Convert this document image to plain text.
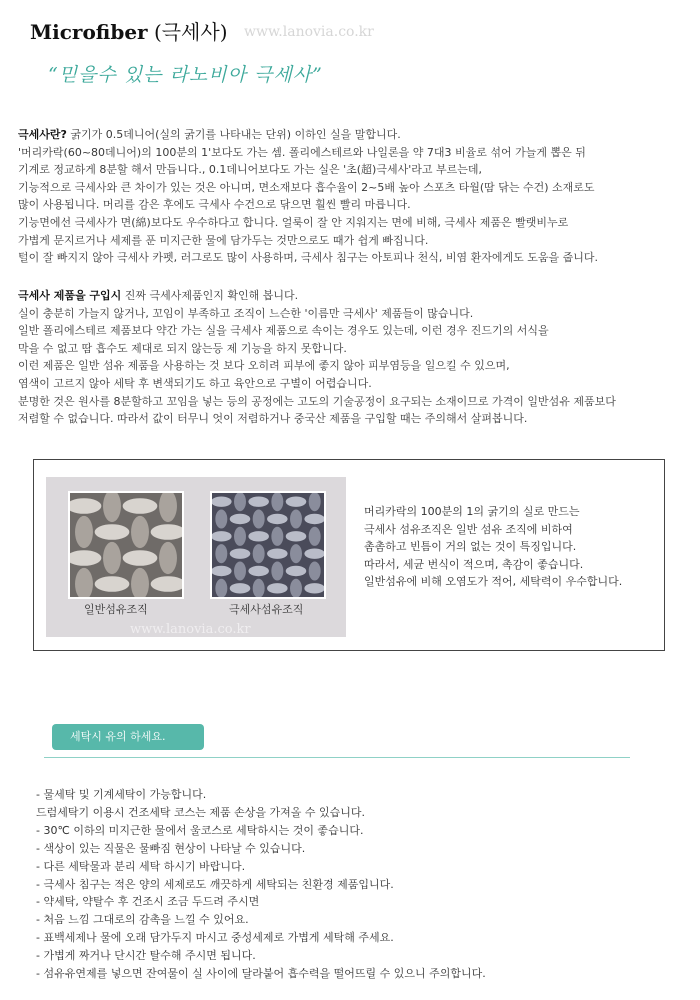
Microfiber (극세사) www.lanovia.co.kr
“믿을수 있는 라노비아 극세사”

극세사란? 굵기가 0.5데니어(실의 굵기를 나타내는 단위) 이하인 실을 말합니다.

'머리카락(60~80데니어)의 100분의 1'보다도 가는 셈. 폴리에스테르와 나일론을 약 7대3 비율로 섞어 가늘게 뽑은 뒤

기계로 정교하게 8분할 해서 만듭니다., 0.1데니어보다도 가는 실은 '초(超)극세사'라고 부르는데,

기능적으로 극세사와 큰 차이가 있는 것은 아니며, 면소재보다 흡수율이 2~5배 높아 스포츠 타월(땀 닦는 수건) 소재로도

많이 사용됩니다. 머리를 감은 후에도 극세사 수건으로 닦으면 훨씬 빨리 마릅니다.

기능면에선 극세사가 면(綿)보다도 우수하다고 합니다. 얼룩이 잘 안 지워지는 면에 비해, 극세사 제품은 빨랫비누로

가볍게 문지르거나 세제를 푼 미지근한 물에 담가두는 것만으로도 때가 쉽게 빠집니다.

털이 잘 빠지지 않아 극세사 카펫, 러그로도 많이 사용하며, 극세사 침구는 아토피나 천식, 비염 환자에게도 도움을 줍니다.

극세사 제품을 구입시 진짜 극세사제품인지 확인해 봅니다.

실이 충분히 가늘지 않거나, 꼬임이 부족하고 조직이 느슨한 '이름만 극세사' 제품들이 많습니다.

일반 폴리에스테르 제품보다 약간 가는 실을 극세사 제품으로 속이는 경우도 있는데, 이런 경우 진드기의 서식을

막을 수 없고 땀 흡수도 제대로 되지 않는등 제 기능을 하지 못합니다.

이런 제품은 일반 섬유 제품을 사용하는 것 보다 오히려 피부에 좋지 않아 피부염등을 일으킬 수 있으며,

염색이 고르지 않아 세탁 후 변색되기도 하고 육안으로 구별이 어렵습니다.

분명한 것은 원사를 8분할하고 꼬임을 넣는 등의 공정에는 고도의 기술공정이 요구되는 소재이므로 가격이 일반섬유 제품보다

저렴할 수 없습니다. 따라서 값이 터무니 엇이 저렴하거나 중국산 제품을 구입할 때는 주의해서 살펴봅니다.

일반섬유조직	극세사섬유조직
www.lanovia.co.kr

머리카락의 100분의 1의 굵기의 실로 만드는

극세사 섬유조직은 일반 섬유 조직에 비하여

촘촘하고 빈틈이 거의 없는 것이 특징입니다.

따라서, 세균 번식이 적으며, 촉감이 좋습니다.

일반섬유에 비해 오염도가 적어, 세탁력이 우수합니다.

세탁시 유의 하세요.

- 물세탁 및 기계세탁이 가능합니다.

드럼세탁기 이용시 건조세탁 코스는 제품 손상을 가져올 수 있습니다.

- 30℃ 이하의 미지근한 물에서 울코스로 세탁하시는 것이 좋습니다.

- 색상이 있는 직물은 물빠짐 현상이 나타날 수 있습니다.

- 다른 세탁물과 분리 세탁 하시기 바랍니다.

- 극세사 침구는 적은 양의 세제로도 깨끗하게 세탁되는 친환경 제품입니다.

- 약세탁, 약탈수 후 건조시 조금 두드려 주시면

- 처음 느낌 그대로의 감촉을 느낄 수 있어요.

- 표백세제나 물에 오래 담가두지 마시고 중성세제로 가볍게 세탁해 주세요.

- 가볍게 짜거나 단시간 탈수해 주시면 됩니다.

- 섬유유연제를 넣으면 잔여물이 실 사이에 달라붙어 흡수력을 떨어뜨릴 수 있으니 주의합니다.
